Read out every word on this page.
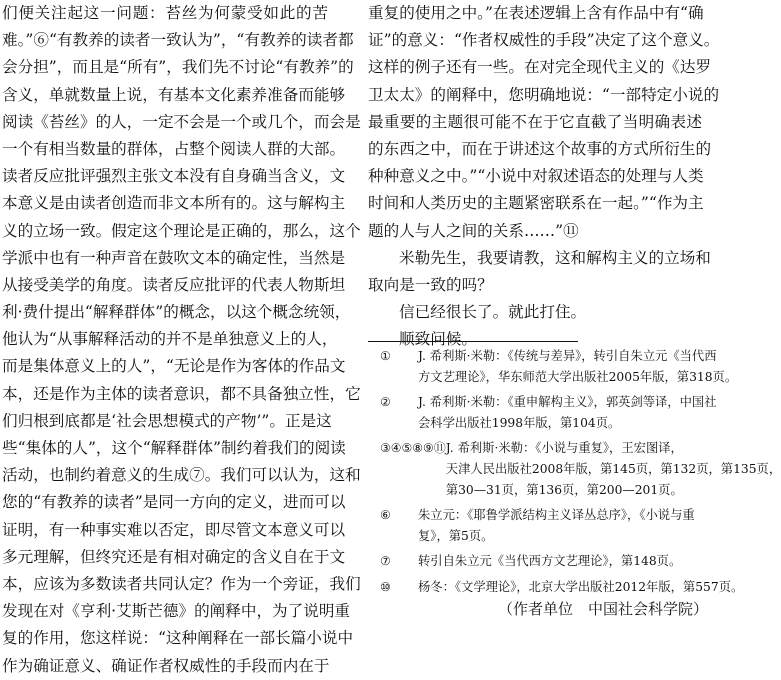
们便关注起这一问题：苔丝为何蒙受如此的苦
难。”⑥“有教养的读者一致认为”，“有教养的读者都
会分担”，而且是“所有”，我们先不讨论“有教养”的
含义，单就数量上说，有基本文化素养准备而能够
阅读《苔丝》的人，一定不会是一个或几个，而会是
一个有相当数量的群体，占整个阅读人群的大部。
读者反应批评强烈主张文本没有自身确当含义，文
本意义是由读者创造而非文本所有的。这与解构主
义的立场一致。假定这个理论是正确的，那么，这个
学派中也有一种声音在鼓吹文本的确定性，当然是
从接受美学的角度。读者反应批评的代表人物斯坦
利·费什提出“解释群体”的概念，以这个概念统领，
他认为“从事解释活动的并不是单独意义上的人，
而是集体意义上的人”，“无论是作为客体的作品文
本，还是作为主体的读者意识，都不具备独立性，它
们归根到底都是‘社会思想模式的产物’”。正是这
些“集体的人”，这个“解释群体”制约着我们的阅读
活动，也制约着意义的生成⑦。我们可以认为，这和
您的“有教养的读者”是同一方向的定义，进而可以
证明，有一种事实难以否定，即尽管文本意义可以
多元理解，但终究还是有相对确定的含义自在于文
本，应该为多数读者共同认定？作为一个旁证，我们
发现在对《亨利·艾斯芒德》的阐释中，为了说明重
复的作用，您这样说：“这种阐释在一部长篇小说中
作为确证意义、确证作者权威性的手段而内在于
重复的使用之中。”在表述逻辑上含有作品中有“确
证”的意义：“作者权威性的手段”决定了这个意义。
这样的例子还有一些。在对完全现代主义的《达罗
卫太太》的阐释中，您明确地说：“一部特定小说的
最重要的主题很可能不在于它直截了当明确表述
的东西之中，而在于讲述这个故事的方式所衍生的
种种意义之中。”“小说中对叙述语态的处理与人类
时间和人类历史的主题紧密联系在一起。”“作为主
题的人与人之间的关系……”⑪
米勒先生，我要请教，这和解构主义的立场和
取向是一致的吗？
信已经很长了。就此打住。
顺致问候。
①	J. 希利斯·米勒：《传统与差异》，转引自朱立元《当代西
方文艺理论》，华东师范大学出版社2005年版，第318页。
②	J. 希利斯·米勒：《重申解构主义》，郭英剑等译，中国社
会科学出版社1998年版，第104页。
③④⑤⑧⑨⑪ J. 希利斯·米勒：《小说与重复》，王宏图译，
天津人民出版社2008年版，第145页，第132页，第135页，
第30—31页，第136页，第200—201页。
⑥	朱立元：《耶鲁学派结构主义译丛总序》，《小说与重
复》，第5页。
⑦	转引自朱立元《当代西方文艺理论》，第148页。
⑩	杨冬：《文学理论》，北京大学出版社2012年版，第557页。
（作者单位　中国社会科学院）
